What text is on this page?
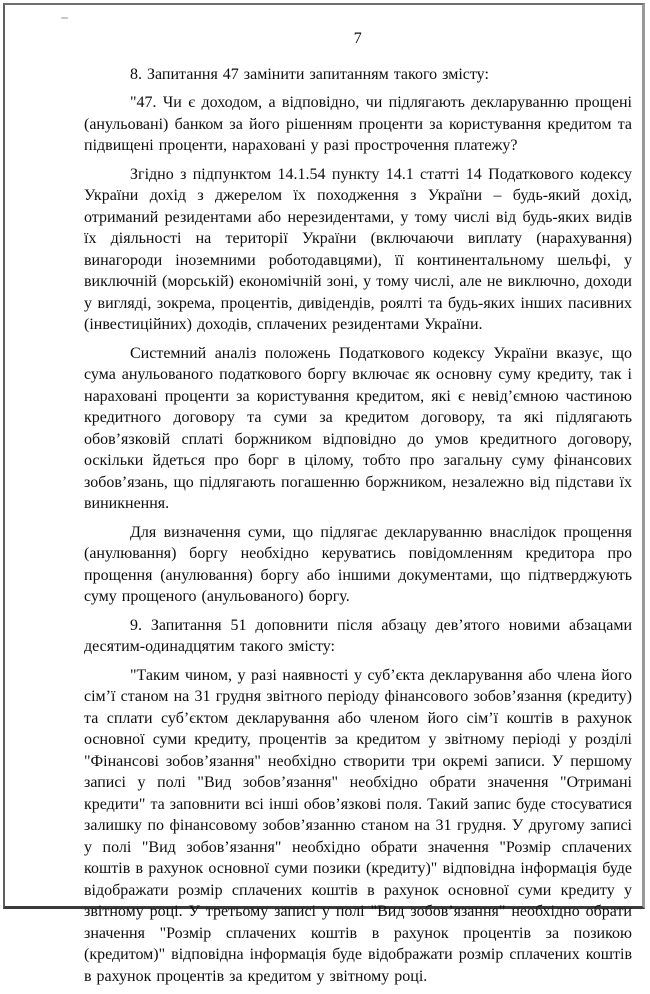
7

8. Запитання 47 замінити запитанням такого змісту:

"47. Чи є доходом, а відповідно, чи підлягають декларуванню прощені (анульовані) банком за його рішенням проценти за користування кредитом та підвищені проценти, нараховані у разі прострочення платежу?

Згідно з підпунктом 14.1.54 пункту 14.1 статті 14 Податкового кодексу України дохід з джерелом їх походження з України – будь-який дохід, отриманий резидентами або нерезидентами, у тому числі від будь-яких видів їх діяльності на території України (включаючи виплату (нарахування) винагороди іноземними роботодавцями), її континентальному шельфі, у виключній (морській) економічній зоні, у тому числі, але не виключно, доходи у вигляді, зокрема, процентів, дивідендів, роялті та будь-яких інших пасивних (інвестиційних) доходів, сплачених резидентами України.

Системний аналіз положень Податкового кодексу України вказує, що сума анульованого податкового боргу включає як основну суму кредиту, так і нараховані проценти за користування кредитом, які є невід’ємною частиною кредитного договору та суми за кредитом договору, та які підлягають обов’язковій сплаті боржником відповідно до умов кредитного договору, оскільки йдеться про борг в цілому, тобто про загальну суму фінансових зобов’язань, що підлягають погашенню боржником, незалежно від підстави їх виникнення.

Для визначення суми, що підлягає декларуванню внаслідок прощення (анулювання) боргу необхідно керуватись повідомленням кредитора про прощення (анулювання) боргу або іншими документами, що підтверджують суму прощеного (анульованого) боргу.

9. Запитання 51 доповнити після абзацу дев’ятого новими абзацами десятим-одинадцятим такого змісту:

"Таким чином, у разі наявності у суб’єкта декларування або члена його сім’ї станом на 31 грудня звітного періоду фінансового зобов’язання (кредиту) та сплати суб’єктом декларування або членом його сім’ї коштів в рахунок основної суми кредиту, процентів за кредитом у звітному періоді у розділі "Фінансові зобов’язання" необхідно створити три окремі записи. У першому записі у полі "Вид зобов’язання" необхідно обрати значення "Отримані кредити" та заповнити всі інші обов’язкові поля. Такий запис буде стосуватися залишку по фінансовому зобов’язанню станом на 31 грудня. У другому записі у полі "Вид зобов’язання" необхідно обрати значення "Розмір сплачених коштів в рахунок основної суми позики (кредиту)" відповідна інформація буде відображати розмір сплачених коштів в рахунок основної суми кредиту у звітному році. У третьому записі у полі "Вид зобов’язання" необхідно обрати значення "Розмір сплачених коштів в рахунок процентів за позикою (кредитом)" відповідна інформація буде відображати розмір сплачених коштів в рахунок процентів за кредитом у звітному році.
